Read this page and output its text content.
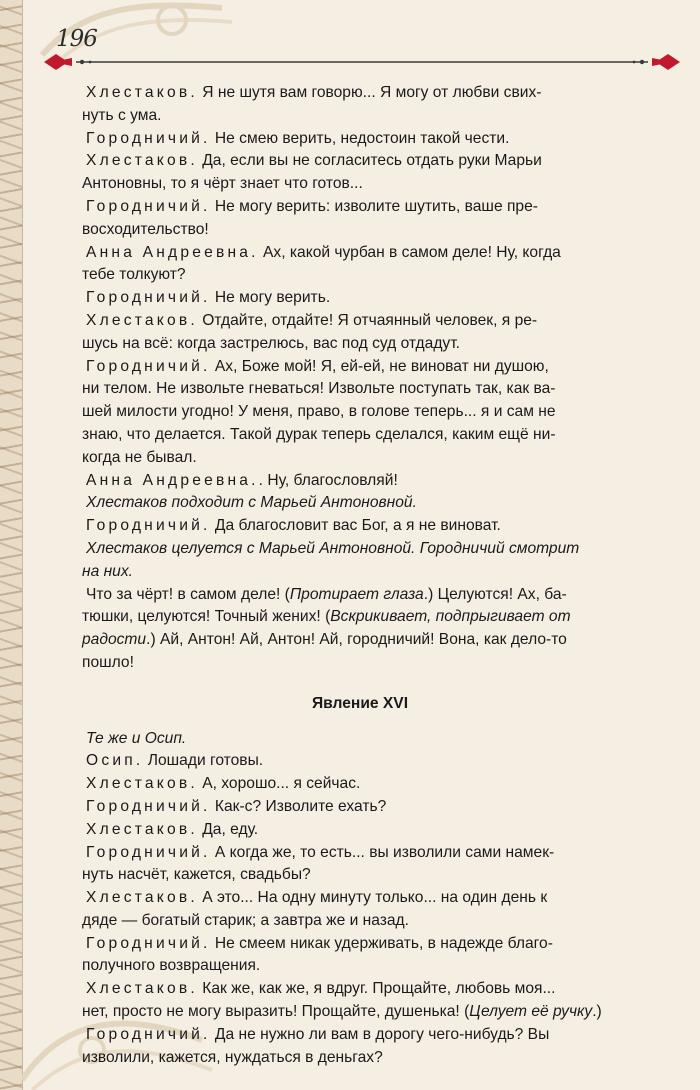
196

Хлестаков. Я не шутя вам говорю... Я могу от любви свих-

нуть с ума.

Городничий. Не смею верить, недостоин такой чести.

Хлестаков. Да, если вы не согласитесь отдать руки Марьи

Антоновны, то я чёрт знает что готов...

Городничий. Не могу верить: изволите шутить, ваше пре-

восходительство!

Анна Андреевна. Ах, какой чурбан в самом деле! Ну, когда

тебе толкуют?

Городничий. Не могу верить.

Хлестаков. Отдайте, отдайте! Я отчаянный человек, я ре-

шусь на всё: когда застрелюсь, вас под суд отдадут.

Городничий. Ах, Боже мой! Я, ей-ей, не виноват ни душою,

ни телом. Не извольте гневаться! Извольте поступать так, как ва-

шей милости угодно! У меня, право, в голове теперь... я и сам не

знаю, что делается. Такой дурак теперь сделался, каким ещё ни-

когда не бывал.

Анна Андреевна.. Ну, благословляй!

Хлестаков подходит с Марьей Антоновной.

Городничий. Да благословит вас Бог, а я не виноват.

Хлестаков целуется с Марьей Антоновной. Городничий смотрит

на них.

Что за чёрт! в самом деле! (Протирает глаза.) Целуются! Ах, ба-

тюшки, целуются! Точный жених! (Вскрикивает, подпрыгивает от

радости.) Ай, Антон! Ай, Антон! Ай, городничий! Вона, как дело-то

пошло!

Явление XVI

Те же и Осип.

Осип. Лошади готовы.

Хлестаков. А, хорошо... я сейчас.

Городничий. Как-с? Изволите ехать?

Хлестаков. Да, еду.

Городничий. А когда же, то есть... вы изволили сами намек-

нуть насчёт, кажется, свадьбы?

Хлестаков. А это... На одну минуту только... на один день к

дяде — богатый старик; а завтра же и назад.

Городничий. Не смеем никак удерживать, в надежде благо-

получного возвращения.

Хлестаков. Как же, как же, я вдруг. Прощайте, любовь моя...

нет, просто не могу выразить! Прощайте, душенька! (Целует её ручку.)

Городничий. Да не нужно ли вам в дорогу чего-нибудь? Вы

изволили, кажется, нуждаться в деньгах?
